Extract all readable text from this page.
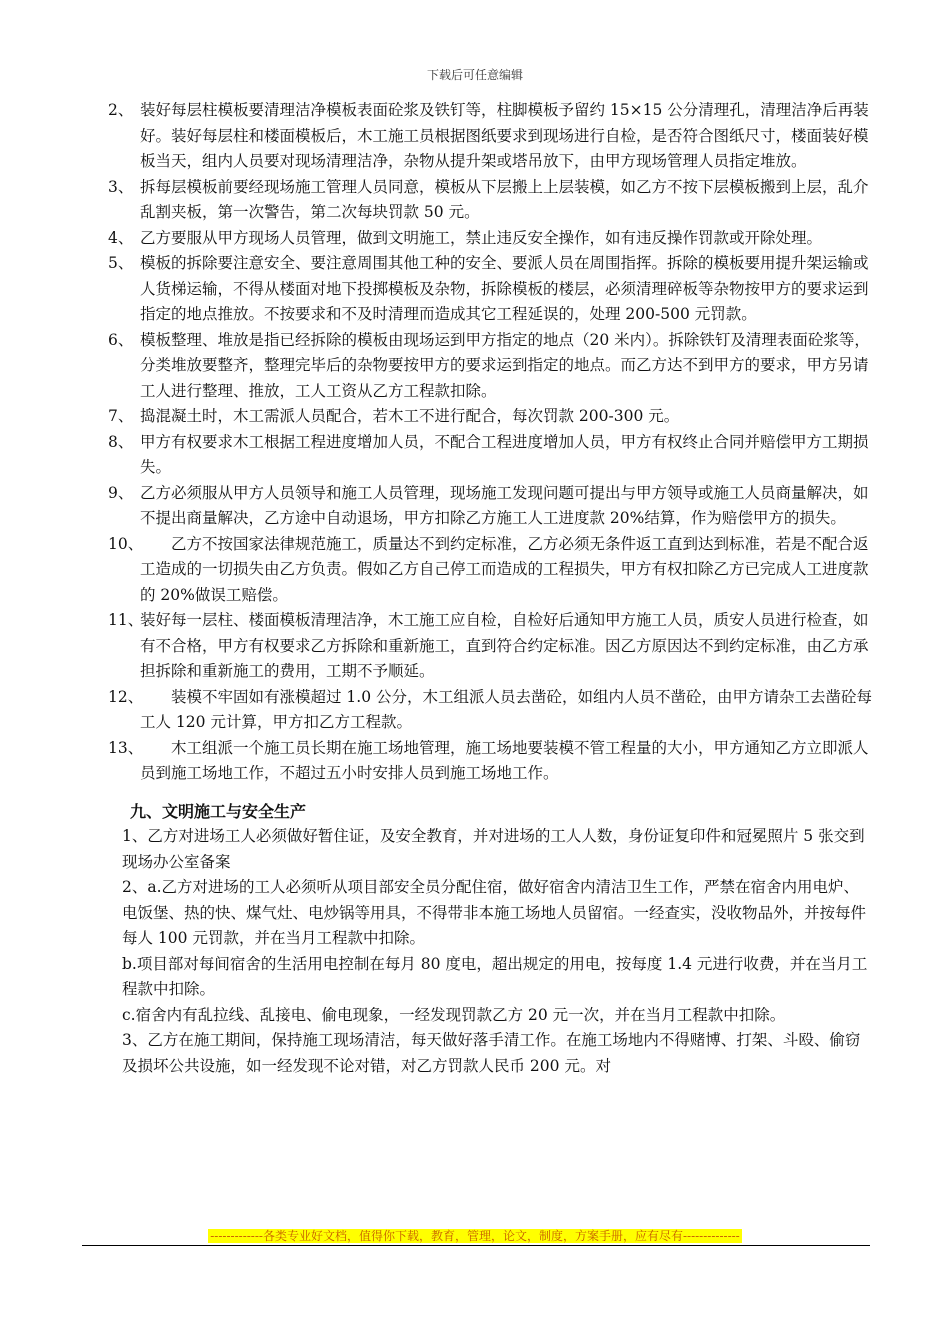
下载后可任意编辑
2、 装好每层柱模板要清理洁净模板表面砼浆及铁钉等，柱脚模板予留约 15×15 公分清理孔，清理洁净后再装好。装好每层柱和楼面模板后，木工施工员根据图纸要求到现场进行自检，是否符合图纸尺寸，楼面装好模板当天，组内人员要对现场清理洁净，杂物从提升架或塔吊放下，由甲方现场管理人员指定堆放。
3、 拆每层模板前要经现场施工管理人员同意，模板从下层搬上上层装模，如乙方不按下层模板搬到上层，乱介乱割夹板，第一次警告，第二次每块罚款 50 元。
4、 乙方要服从甲方现场人员管理，做到文明施工，禁止违反安全操作，如有违反操作罚款或开除处理。
5、 模板的拆除要注意安全、要注意周围其他工种的安全、要派人员在周围指挥。拆除的模板要用提升架运输或人货梯运输，不得从楼面对地下投掷模板及杂物，拆除模板的楼层，必须清理碎板等杂物按甲方的要求运到指定的地点推放。不按要求和不及时清理而造成其它工程延误的，处理 200-500 元罚款。
6、 模板整理、堆放是指已经拆除的模板由现场运到甲方指定的地点（20 米内）。拆除铁钉及清理表面砼浆等，分类堆放要整齐，整理完毕后的杂物要按甲方的要求运到指定的地点。而乙方达不到甲方的要求，甲方另请工人进行整理、推放，工人工资从乙方工程款扣除。
7、 捣混凝土时，木工需派人员配合，若木工不进行配合，每次罚款 200-300 元。
8、 甲方有权要求木工根据工程进度增加人员，不配合工程进度增加人员，甲方有权终止合同并赔偿甲方工期损失。
9、 乙方必须服从甲方人员领导和施工人员管理，现场施工发现问题可提出与甲方领导或施工人员商量解决，如不提出商量解决，乙方途中自动退场，甲方扣除乙方施工人工进度款 20%结算，作为赔偿甲方的损失。
10、
　　乙方不按国家法律规范施工，质量达不到约定标准，乙方必须无条件返工直到达到标准，若是不配合返工造成的一切损失由乙方负责。假如乙方自己停工而造成的工程损失，甲方有权扣除乙方已完成人工进度款的 20%做误工赔偿。
11、
装好每一层柱、楼面模板清理洁净，木工施工应自检，自检好后通知甲方施工人员，质安人员进行检查，如有不合格，甲方有权要求乙方拆除和重新施工，直到符合约定标准。因乙方原因达不到约定标准，由乙方承担拆除和重新施工的费用，工期不予顺延。
12、
　　装模不牢固如有涨模超过 1.0 公分，木工组派人员去凿砼，如组内人员不凿砼，由甲方请杂工去凿砼每工人 120 元计算，甲方扣乙方工程款。
13、
　　木工组派一个施工员长期在施工场地管理，施工场地要装模不管工程量的大小，甲方通知乙方立即派人员到施工场地工作，不超过五小时安排人员到施工场地工作。
九、文明施工与安全生产
1、乙方对进场工人必须做好暂住证，及安全教育，并对进场的工人人数，身份证复印件和冠冕照片 5 张交到现场办公室备案
2、a.乙方对进场的工人必须听从项目部安全员分配住宿，做好宿舍内清洁卫生工作，严禁在宿舍内用电炉、电饭堡、热的快、煤气灶、电炒锅等用具，不得带非本施工场地人员留宿。一经查实，没收物品外，并按每件每人 100 元罚款，并在当月工程款中扣除。
b.项目部对每间宿舍的生活用电控制在每月 80 度电，超出规定的用电，按每度 1.4 元进行收费，并在当月工程款中扣除。
c.宿舍内有乱拉线、乱接电、偷电现象，一经发现罚款乙方 20 元一次，并在当月工程款中扣除。
3、乙方在施工期间，保持施工现场清洁，每天做好落手清工作。在施工场地内不得赌博、打架、斗殴、偷窃及损坏公共设施，如一经发现不论对错，对乙方罚款人民币 200 元。对
-------------各类专业好文档，值得你下载，教育，管理，论文，制度，方案手册，应有尽有--------------
